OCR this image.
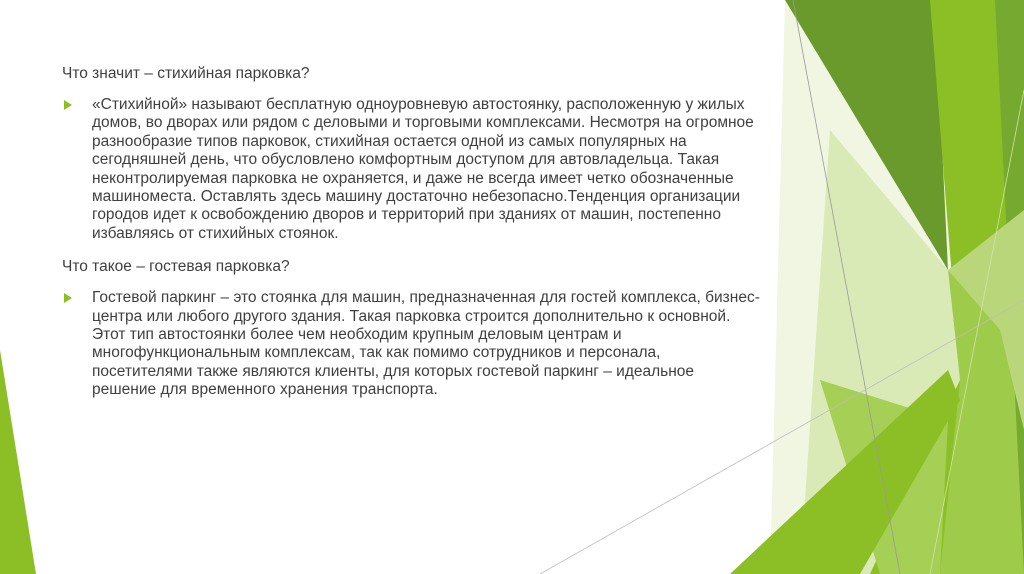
Что значит – стихийная парковка?

«Стихийной» называют бесплатную одноуровневую автостоянку, расположенную у жилых домов, во дворах или рядом с деловыми и торговыми комплексами. Несмотря на огромное разнообразие типов парковок, стихийная остается одной из самых популярных на сегодняшней день, что обусловлено комфортным доступом для автовладельца. Такая неконтролируемая парковка не охраняется, и даже не всегда имеет четко обозначенные машиноместа. Оставлять здесь машину достаточно небезопасно.Тенденция организации городов идет к освобождению дворов и территорий при зданиях от машин, постепенно избавляясь от стихийных стоянок.

Что такое – гостевая парковка?

Гостевой паркинг – это стоянка для машин, предназначенная для гостей комплекса, бизнес-центра или любого другого здания. Такая парковка строится дополнительно к основной. Этот тип автостоянки более чем необходим крупным деловым центрам и многофункциональным комплексам, так как помимо сотрудников и персонала, посетителями также являются клиенты, для которых гостевой паркинг – идеальное решение для временного хранения транспорта.
